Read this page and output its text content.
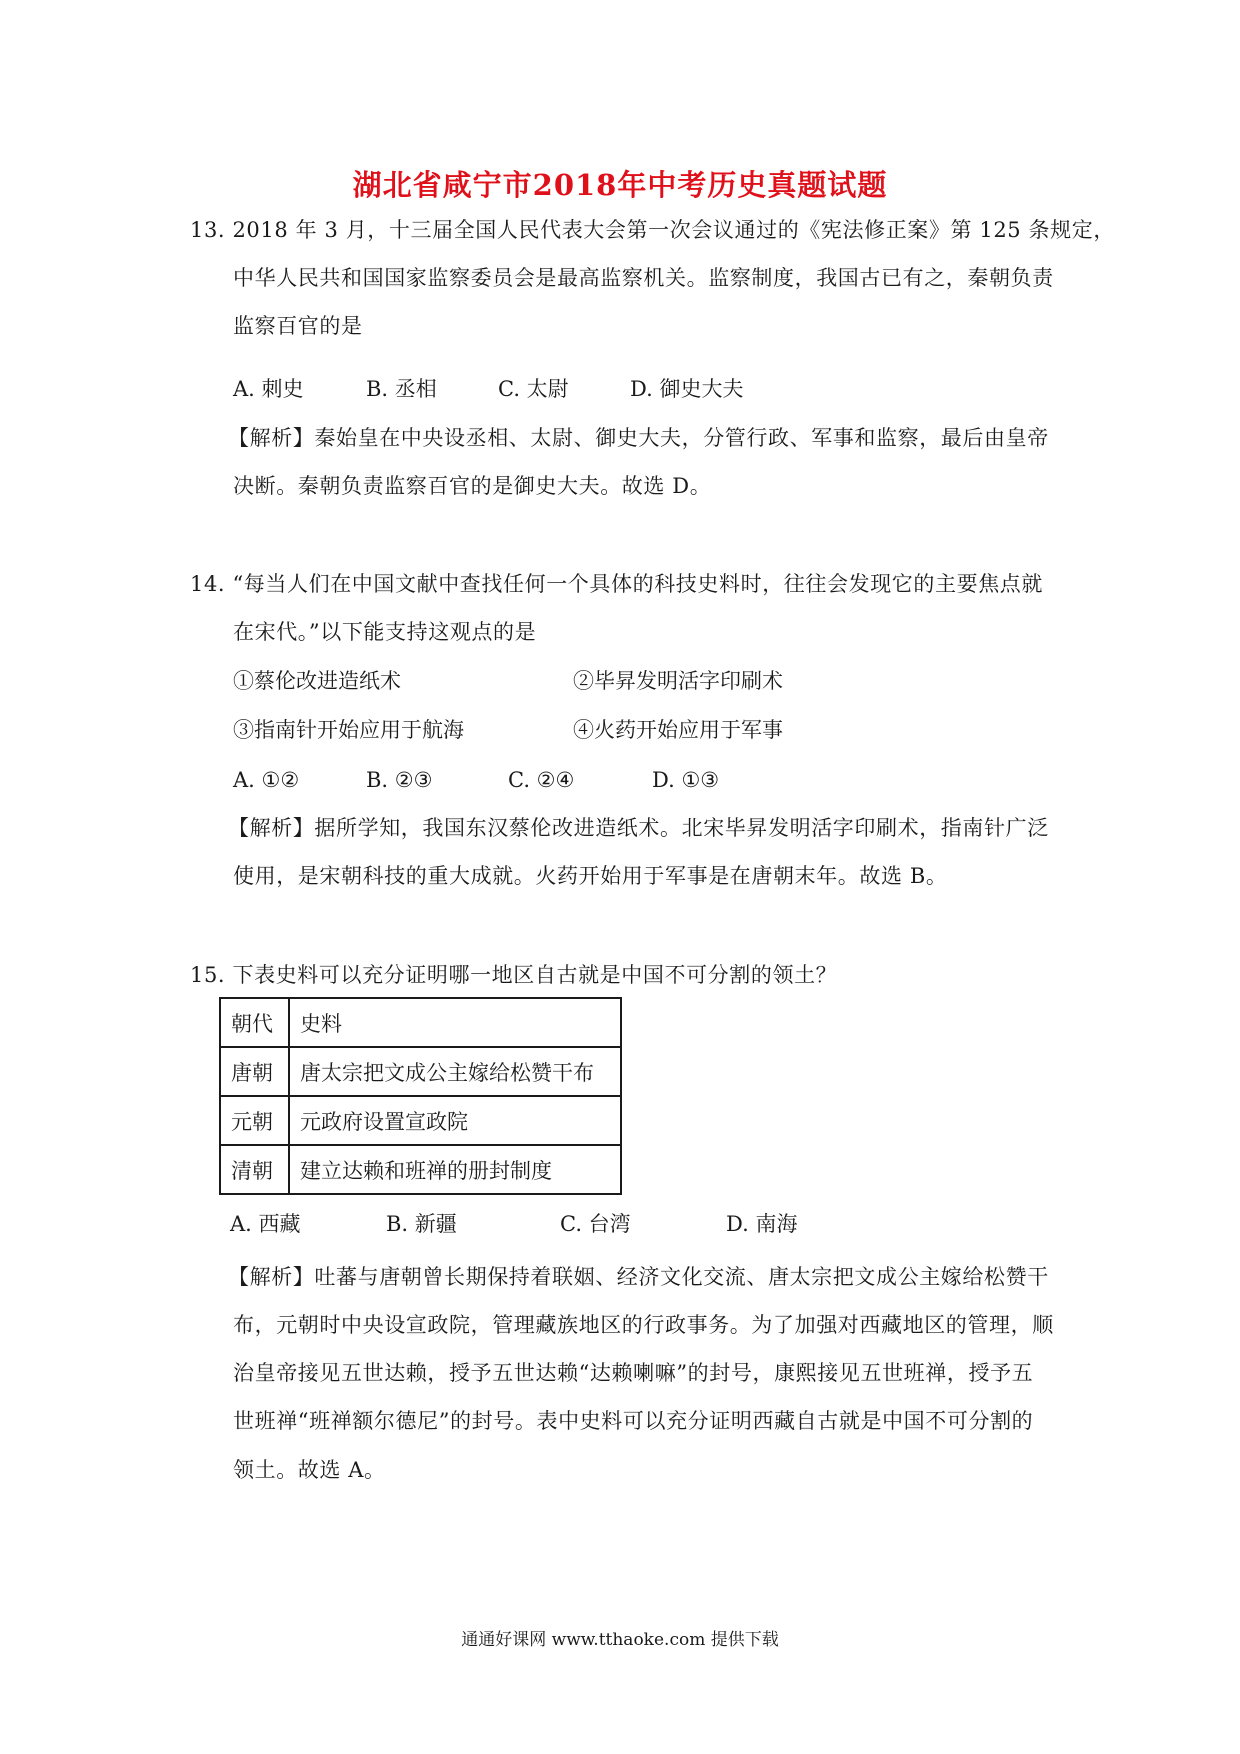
湖北省咸宁市2018年中考历史真题试题
13. 2018 年 3 月，十三届全国人民代表大会第一次会议通过的《宪法修正案》第 125 条规定，
中华人民共和国国家监察委员会是最高监察机关。监察制度，我国古已有之，秦朝负责
监察百官的是
A. 刺史	B. 丞相	C. 太尉	D. 御史大夫
【解析】秦始皇在中央设丞相、太尉、御史大夫，分管行政、军事和监察，最后由皇帝
决断。秦朝负责监察百官的是御史大夫。故选 D。
14. “每当人们在中国文献中查找任何一个具体的科技史料时，往往会发现它的主要焦点就
在宋代。”以下能支持这观点的是
①蔡伦改进造纸术	②毕昇发明活字印刷术
③指南针开始应用于航海	④火药开始应用于军事
A. ①②	B. ②③	C. ②④	D. ①③
【解析】据所学知，我国东汉蔡伦改进造纸术。北宋毕昇发明活字印刷术，指南针广泛
使用，是宋朝科技的重大成就。火药开始用于军事是在唐朝末年。故选 B。
15. 下表史料可以充分证明哪一地区自古就是中国不可分割的领土？
朝代	史料
唐朝	唐太宗把文成公主嫁给松赞干布
元朝	元政府设置宣政院
清朝	建立达赖和班禅的册封制度
A. 西藏	B. 新疆	C. 台湾	D. 南海
【解析】吐蕃与唐朝曾长期保持着联姻、经济文化交流、唐太宗把文成公主嫁给松赞干
布，元朝时中央设宣政院，管理藏族地区的行政事务。为了加强对西藏地区的管理，顺
治皇帝接见五世达赖，授予五世达赖“达赖喇嘛”的封号，康熙接见五世班禅，授予五
世班禅“班禅额尔德尼”的封号。表中史料可以充分证明西藏自古就是中国不可分割的
领土。故选 A。
通通好课网 www.tthaoke.com 提供下载
